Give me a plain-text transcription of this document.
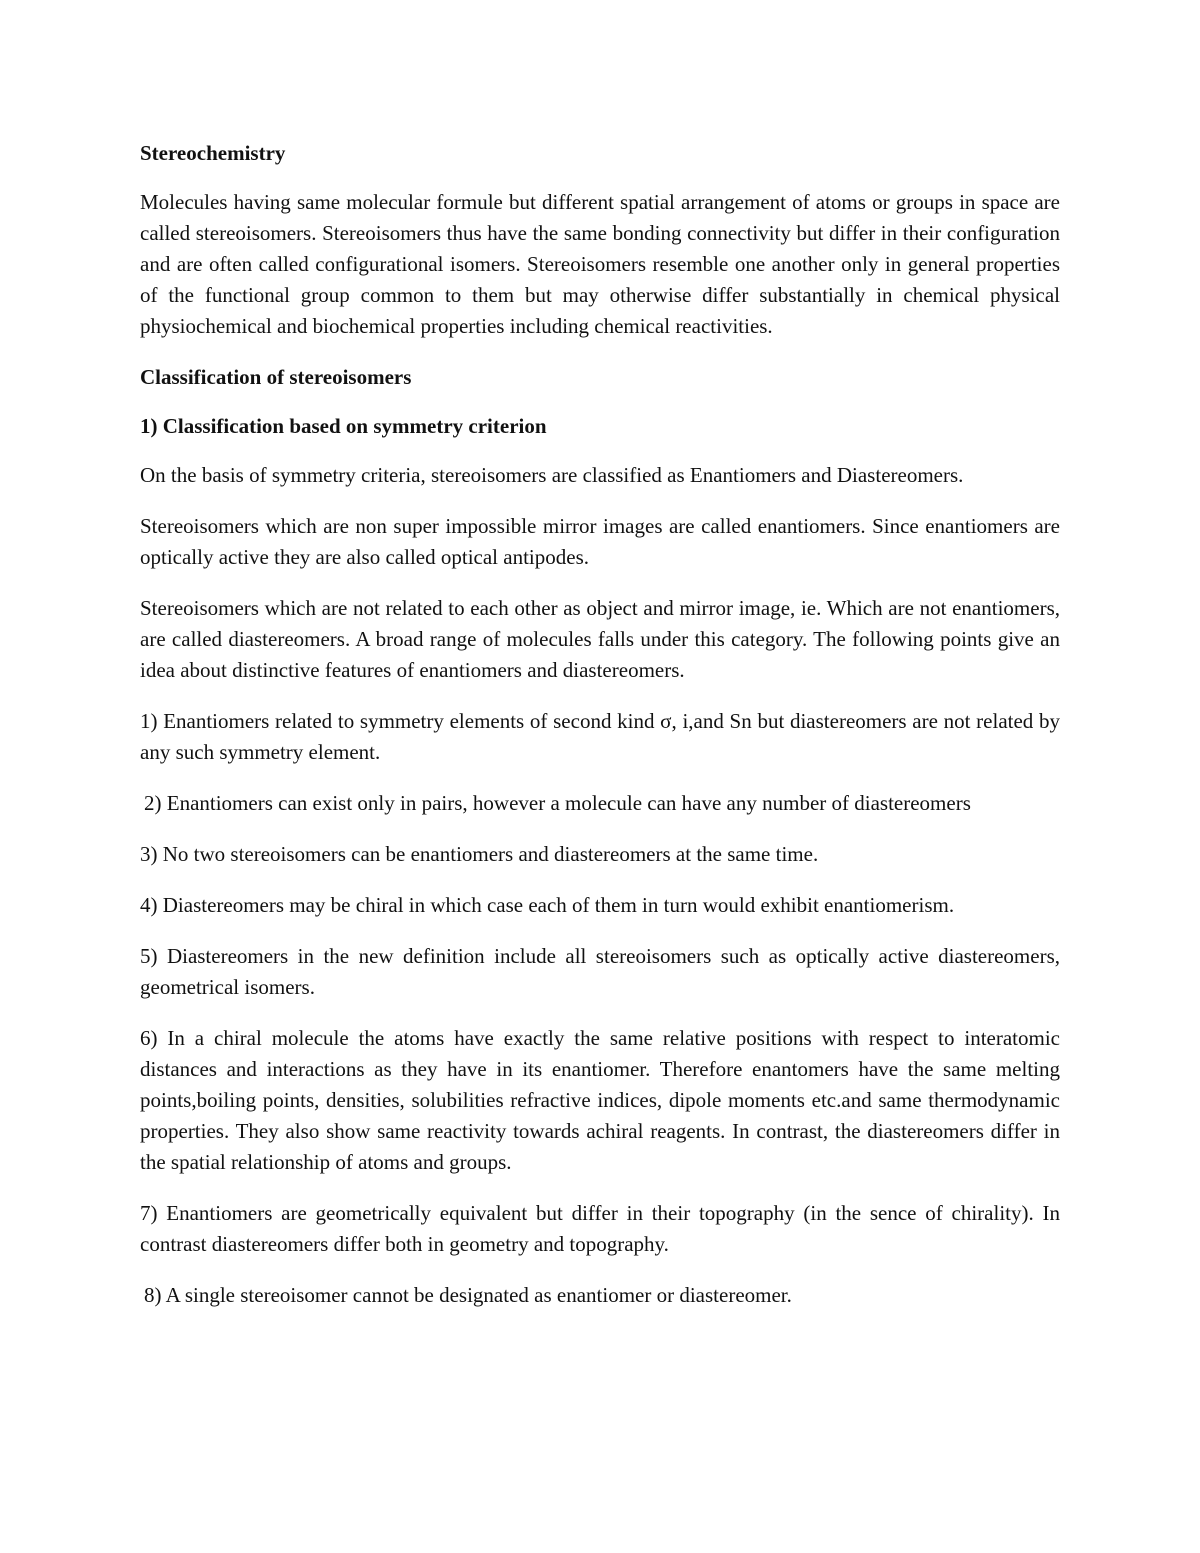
Stereochemistry

Molecules having same molecular formule but different spatial arrangement of atoms or groups in space are called stereoisomers. Stereoisomers thus have the same bonding connectivity but differ in their configuration and are often called configurational isomers. Stereoisomers resemble one another only in general properties of the functional group common to them but may otherwise differ substantially in chemical physical physiochemical and biochemical properties including chemical reactivities.

Classification of stereoisomers
1) Classification based on symmetry criterion

On the basis of symmetry criteria, stereoisomers are classified as Enantiomers and Diastereomers.

Stereoisomers which are non super impossible mirror images are called enantiomers. Since enantiomers are optically active they are also called optical antipodes.

Stereoisomers which are not related to each other as object and mirror image, ie. Which are not enantiomers, are called diastereomers. A broad range of molecules falls under this category. The following points give an idea about distinctive features of enantiomers and diastereomers.

1) Enantiomers related to symmetry elements of second kind σ, i,and Sn but diastereomers are not related by any such symmetry element.

2) Enantiomers can exist only in pairs, however a molecule can have any number of diastereomers

3) No two stereoisomers can be enantiomers and diastereomers at the same time.

4) Diastereomers may be chiral in which case each of them in turn would exhibit enantiomerism.

5) Diastereomers in the new definition include all stereoisomers such as optically active diastereomers, geometrical isomers.

6) In a chiral molecule the atoms have exactly the same relative positions with respect to interatomic distances and interactions as they have in its enantiomer. Therefore enantomers have the same melting points,boiling points, densities, solubilities refractive indices, dipole moments etc.and same thermodynamic properties. They also show same reactivity towards achiral reagents. In contrast, the diastereomers differ in the spatial relationship of atoms and groups.

7) Enantiomers are geometrically equivalent but differ in their topography (in the sence of chirality). In contrast diastereomers differ both in geometry and topography.

8) A single stereoisomer cannot be designated as enantiomer or diastereomer.
